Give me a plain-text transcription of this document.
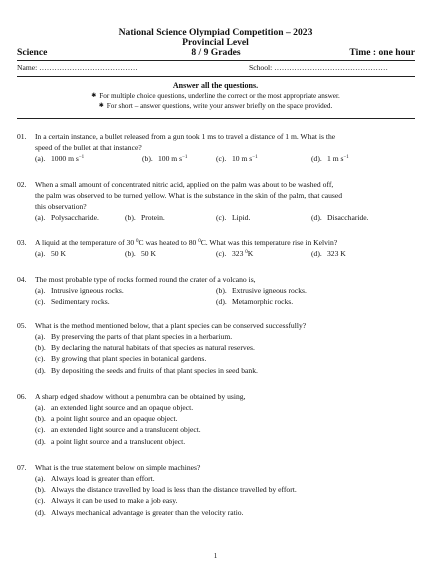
National Science Olympiad Competition – 2023
Provincial Level
Science	8 / 9 Grades	Time : one hour
Name: …………………………………	School: ………………………………………
Answer all the questions.
✱ For multiple choice questions, underline the correct or the most appropriate answer.
✱ For short – answer questions, write your answer briefly on the space provided.
01. In a certain instance, a bullet released from a gun took 1 ms to travel a distance of 1 m. What is the
speed of the bullet at that instance?
(a). 1000 m $s^{-1}$	(b). 100 m $s^{-1}$	(c). 10 m $s^{-1}$	(d). 1 m $s^{-1}$
02. When a small amount of concentrated nitric acid, applied on the palm was about to be washed off,
the palm was observed to be turned yellow. What is the substance in the skin of the palm, that caused
this observation?
(a). Polysaccharide.	(b). Protein.	(c). Lipid.	(d). Disaccharide.
03. A liquid at the temperature of 30 $^0$C was heated to 80 $^0$C. What was this temperature rise in Kelvin?
(a). 50 K	(b). 50 K	(c). 323 $^0$K	(d). 323 K
04. The most probable type of rocks formed round the crater of a volcano is,
(a). Intrusive igneous rocks.	(b). Extrusive igneous rocks.
(c). Sedimentary rocks.	(d). Metamorphic rocks.
05. What is the method mentioned below, that a plant species can be conserved successfully?
(a). By preserving the parts of that plant species in a herbarium.
(b). By declaring the natural habitats of that species as natural reserves.
(c). By growing that plant species in botanical gardens.
(d). By depositing the seeds and fruits of that plant species in seed bank.
06. A sharp edged shadow without a penumbra can be obtained by using,
(a). an extended light source and an opaque object.
(b). a point light source and an opaque object.
(c). an extended light source and a translucent object.
(d). a point light source and a translucent object.
07. What is the true statement below on simple machines?
(a). Always load is greater than effort.
(b). Always the distance travelled by load is less than the distance travelled by effort.
(c). Always it can be used to make a job easy.
(d). Always mechanical advantage is greater than the velocity ratio.
1
